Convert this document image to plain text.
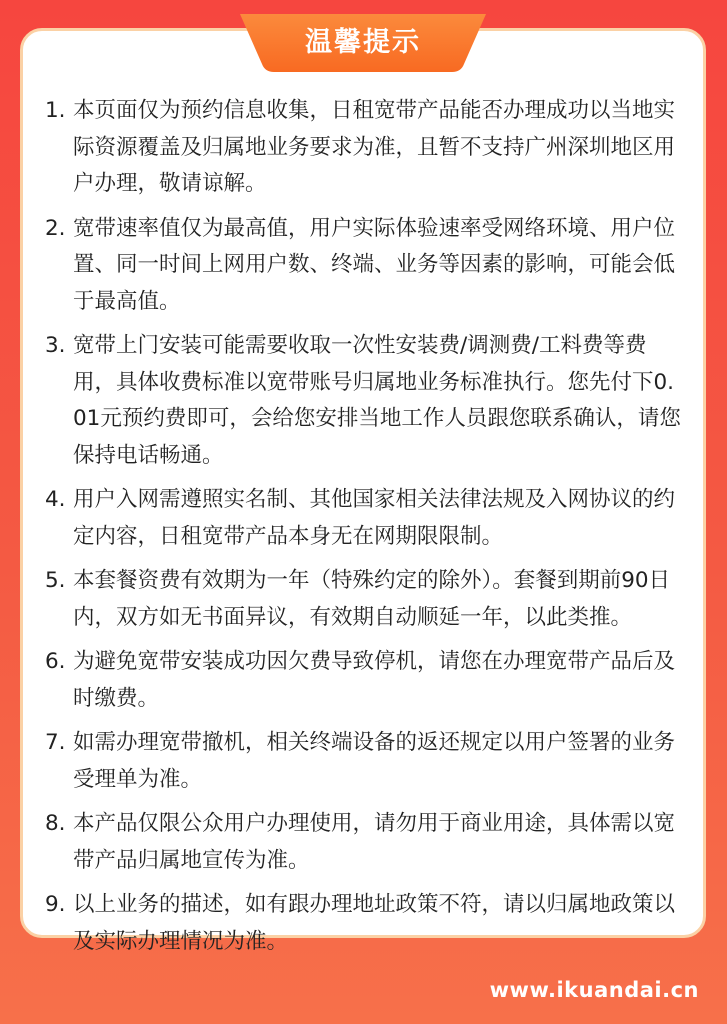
1. 本页面仅为预约信息收集，日租宽带产品能否办理成功以当地实际资源覆盖及归属地业务要求为准，且暂不支持广州深圳地区用户办理，敬请谅解。
2. 宽带速率值仅为最高值，用户实际体验速率受网络环境、用户位置、同一时间上网用户数、终端、业务等因素的影响，可能会低于最高值。
3. 宽带上门安装可能需要收取一次性安装费/调测费/工料费等费用，具体收费标准以宽带账号归属地业务标准执行。您先付下0.01元预约费即可，会给您安排当地工作人员跟您联系确认，请您保持电话畅通。
4. 用户入网需遵照实名制、其他国家相关法律法规及入网协议的约定内容，日租宽带产品本身无在网期限限制。
5. 本套餐资费有效期为一年（特殊约定的除外）。套餐到期前90日内，双方如无书面异议，有效期自动顺延一年，以此类推。
6. 为避免宽带安装成功因欠费导致停机，请您在办理宽带产品后及时缴费。
7. 如需办理宽带撤机，相关终端设备的返还规定以用户签署的业务受理单为准。
8. 本产品仅限公众用户办理使用，请勿用于商业用途，具体需以宽带产品归属地宣传为准。
9. 以上业务的描述，如有跟办理地址政策不符，请以归属地政策以及实际办理情况为准。
温馨提示
www.ikuandai.cn
